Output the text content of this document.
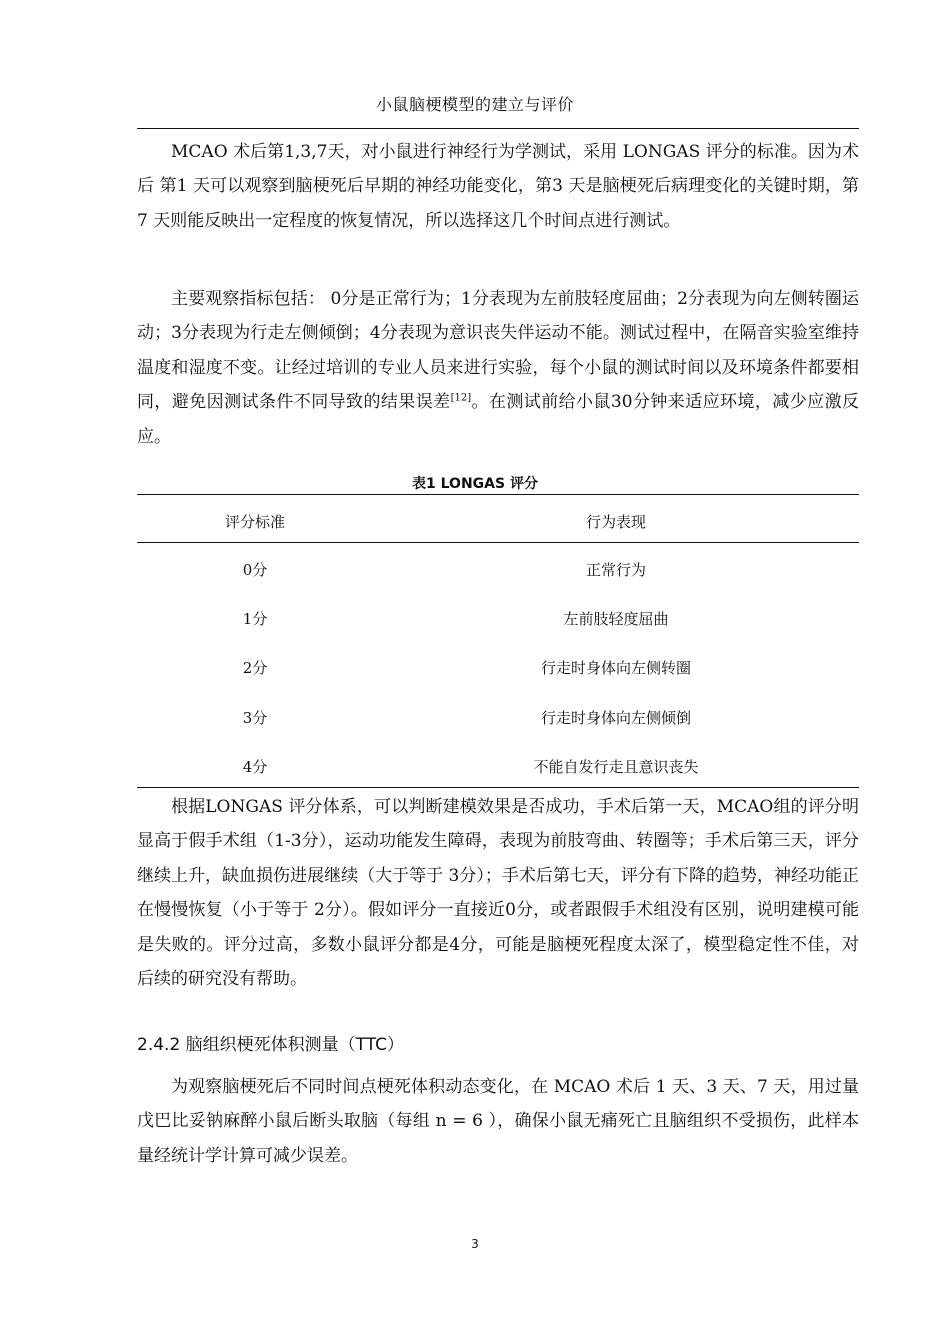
小鼠脑梗模型的建立与评价

MCAO 术后第1,3,7天，对小鼠进行神经行为学测试，采用 LONGAS 评分的标准。因为术后 第1 天可以观察到脑梗死后早期的神经功能变化，第3 天是脑梗死后病理变化的关键时期，第7 天则能反映出一定程度的恢复情况，所以选择这几个时间点进行测试。

主要观察指标包括： 0分是正常行为；1分表现为左前肢轻度屈曲；2分表现为向左侧转圈运动；3分表现为行走左侧倾倒；4分表现为意识丧失伴运动不能。测试过程中，在隔音实验室维持温度和湿度不变。让经过培训的专业人员来进行实验，每个小鼠的测试时间以及环境条件都要相同，避免因测试条件不同导致的结果误差[12]。在测试前给小鼠30分钟来适应环境，减少应激反应。

表1 LONGAS 评分
评分标准	行为表现
0分	正常行为
1分	左前肢轻度屈曲
2分	行走时身体向左侧转圈
3分	行走时身体向左侧倾倒
4分	不能自发行走且意识丧失

根据LONGAS 评分体系，可以判断建模效果是否成功，手术后第一天，MCAO组的评分明显高于假手术组（1-3分），运动功能发生障碍，表现为前肢弯曲、转圈等；手术后第三天，评分继续上升，缺血损伤进展继续（大于等于 3分）；手术后第七天，评分有下降的趋势，神经功能正在慢慢恢复（小于等于 2分）。假如评分一直接近0分，或者跟假手术组没有区别，说明建模可能是失败的。评分过高，多数小鼠评分都是4分，可能是脑梗死程度太深了，模型稳定性不佳，对后续的研究没有帮助。

2.4.2 脑组织梗死体积测量（TTC）

为观察脑梗死后不同时间点梗死体积动态变化，在 MCAO 术后 1 天、3 天、7 天，用过量戊巴比妥钠麻醉小鼠后断头取脑（每组 n = 6 ），确保小鼠无痛死亡且脑组织不受损伤，此样本量经统计学计算可减少误差。

3
